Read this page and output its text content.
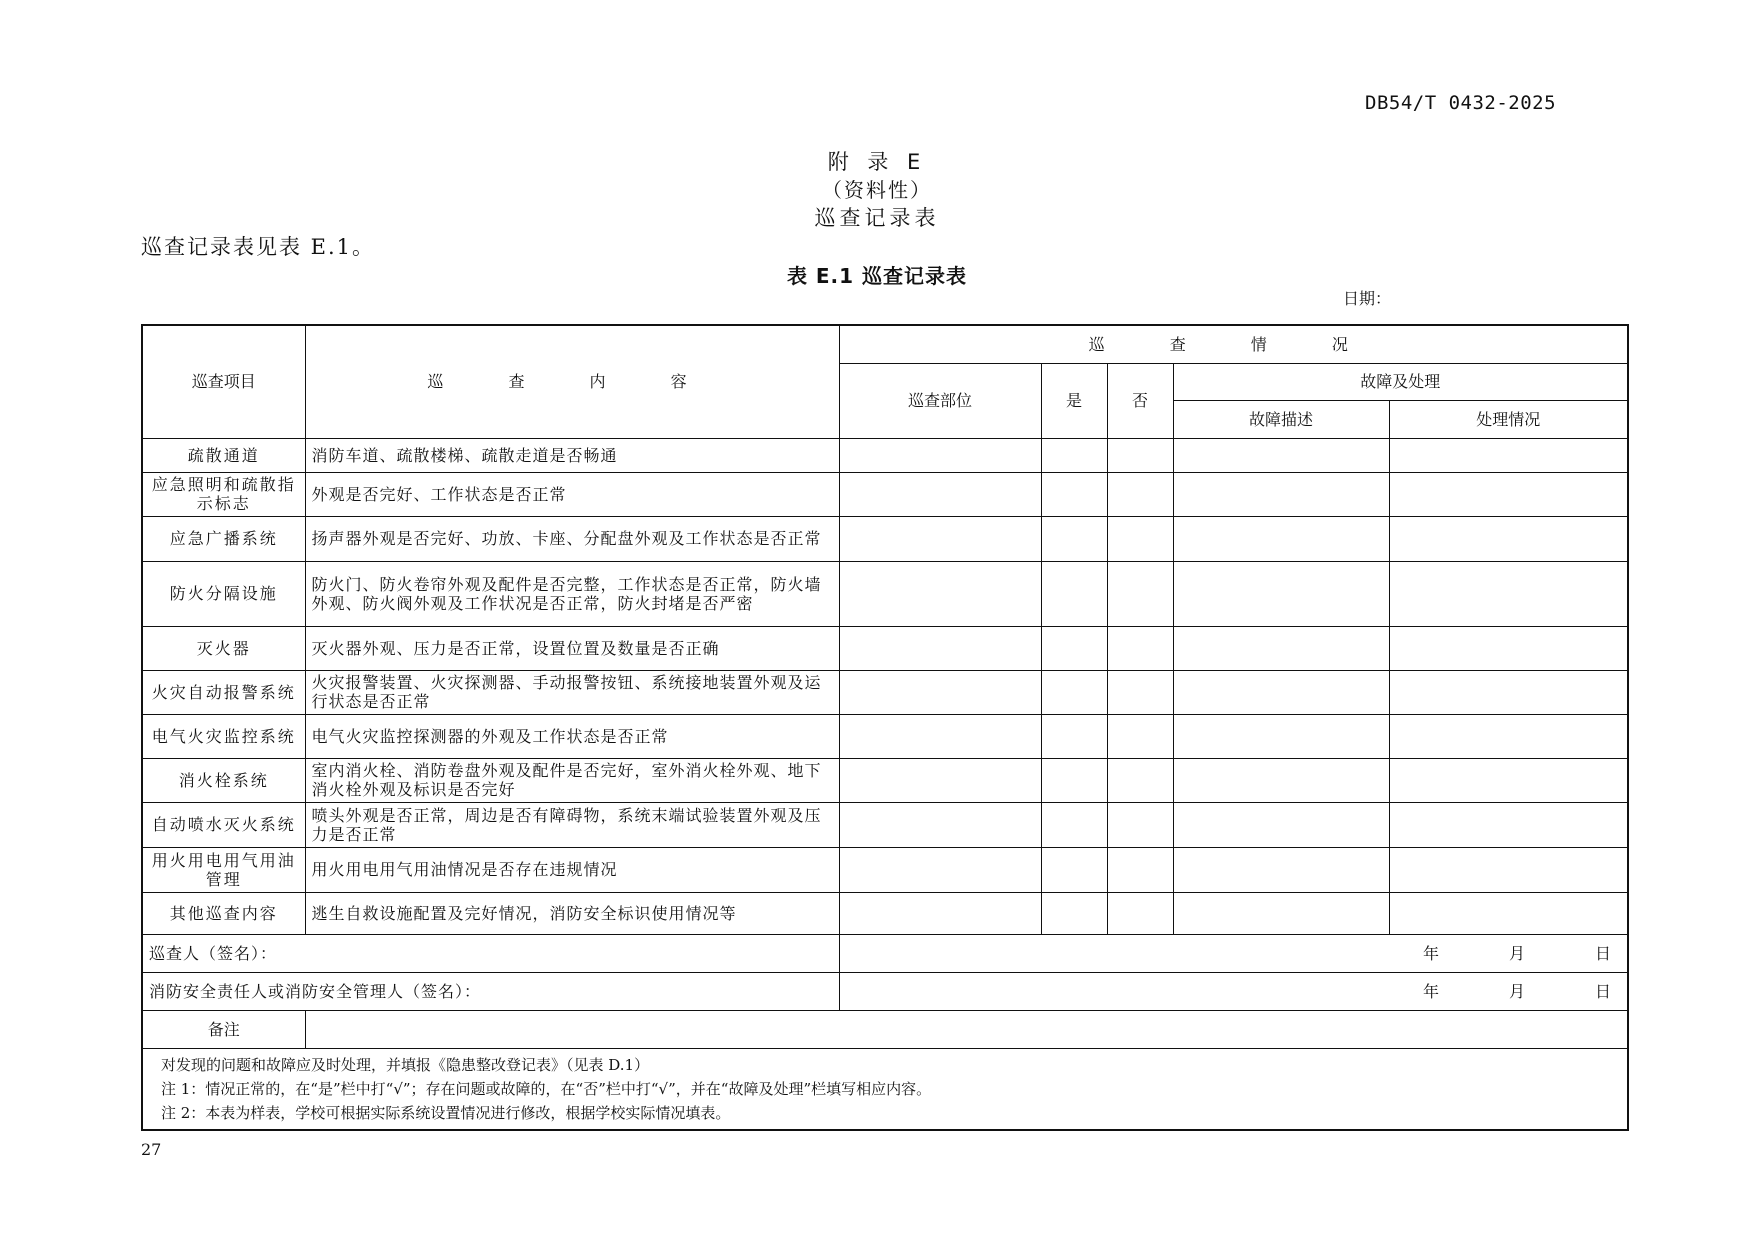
DB54/T 0432-2025
附 录 E
（资料性）
巡查记录表
巡查记录表见表 E.1。
表 E.1 巡查记录表
日期：
巡查项目	巡 查 内 容	巡 查 情 况				
		巡查部位	是	否	故障及处理	
					故障描述	处理情况
疏散通道	消防车道、疏散楼梯、疏散走道是否畅通					
应急照明和疏散指示标志	外观是否完好、工作状态是否正常					
应急广播系统	扬声器外观是否完好、功放、卡座、分配盘外观及工作状态是否正常					
防火分隔设施	防火门、防火卷帘外观及配件是否完整，工作状态是否正常，防火墙外观、防火阀外观及工作状况是否正常，防火封堵是否严密					
灭火器	灭火器外观、压力是否正常，设置位置及数量是否正确					
火灾自动报警系统	火灾报警装置、火灾探测器、手动报警按钮、系统接地装置外观及运行状态是否正常					
电气火灾监控系统	电气火灾监控探测器的外观及工作状态是否正常					
消火栓系统	室内消火栓、消防卷盘外观及配件是否完好，室外消火栓外观、地下消火栓外观及标识是否完好					
自动喷水灭火系统	喷头外观是否正常，周边是否有障碍物，系统末端试验装置外观及压力是否正常					
用火用电用气用油管理	用火用电用气用油情况是否存在违规情况					
其他巡查内容	逃生自救设施配置及完好情况，消防安全标识使用情况等					
巡查人（签名）：		年 月 日				

消防安全责任人或消防安全管理人（签名）：		年 月 日				

备注						

对发现的问题和故障应及时处理，并填报《隐患整改登记表》（见表 D.1）
注 1：情况正常的，在“是”栏中打“√”；存在问题或故障的，在“否”栏中打“√”，并在“故障及处理”栏填写相应内容。
注 2：本表为样表，学校可根据实际系统设置情况进行修改，根据学校实际情况填表。						
27
